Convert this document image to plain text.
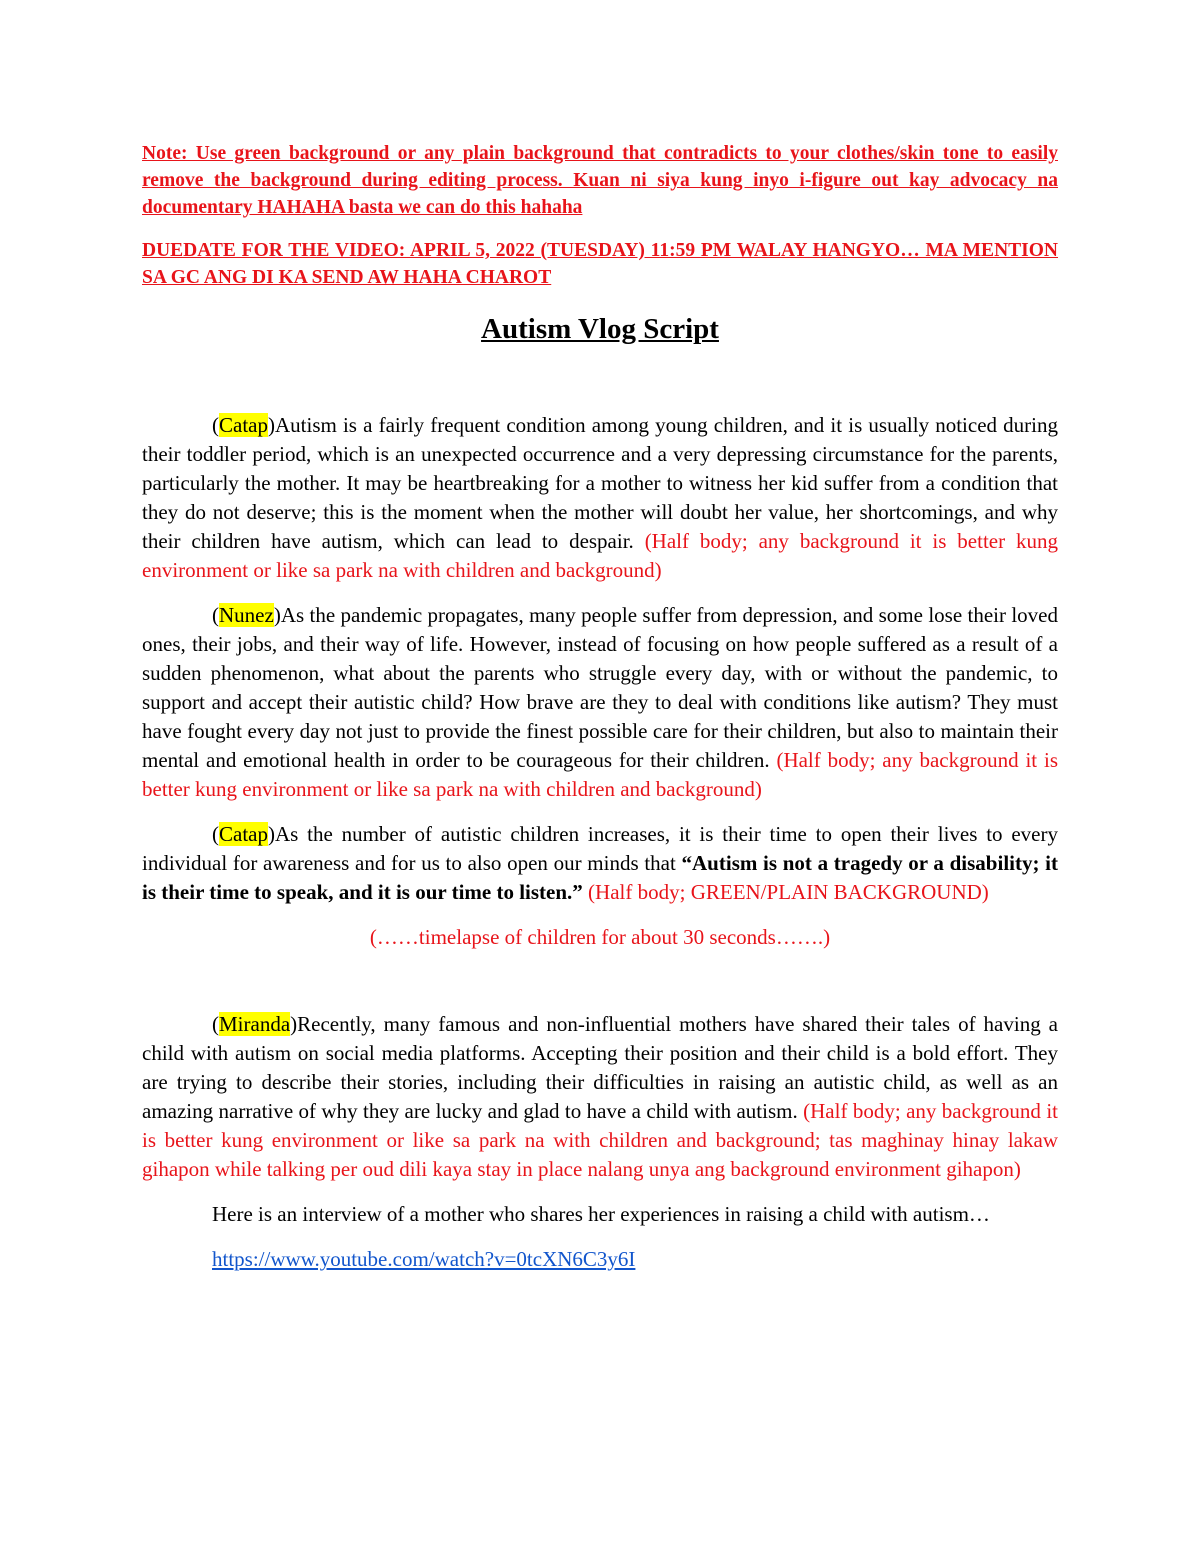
Note: Use green background or any plain background that contradicts to your clothes/skin tone to easily remove the background during editing process. Kuan ni siya kung inyo i-figure out kay advocacy na documentary HAHAHA basta we can do this hahaha

DUEDATE FOR THE VIDEO: APRIL 5, 2022 (TUESDAY) 11:59 PM WALAY HANGYO… MA MENTION SA GC ANG DI KA SEND AW HAHA CHAROT

Autism Vlog Script

(Catap)Autism is a fairly frequent condition among young children, and it is usually noticed during their toddler period, which is an unexpected occurrence and a very depressing circumstance for the parents, particularly the mother. It may be heartbreaking for a mother to witness her kid suffer from a condition that they do not deserve; this is the moment when the mother will doubt her value, her shortcomings, and why their children have autism, which can lead to despair. (Half body; any background it is better kung environment or like sa park na with children and background)

(Nunez)As the pandemic propagates, many people suffer from depression, and some lose their loved ones, their jobs, and their way of life. However, instead of focusing on how people suffered as a result of a sudden phenomenon, what about the parents who struggle every day, with or without the pandemic, to support and accept their autistic child? How brave are they to deal with conditions like autism? They must have fought every day not just to provide the finest possible care for their children, but also to maintain their mental and emotional health in order to be courageous for their children. (Half body; any background it is better kung environment or like sa park na with children and background)

(Catap)As the number of autistic children increases, it is their time to open their lives to every individual for awareness and for us to also open our minds that “Autism is not a tragedy or a disability; it is their time to speak, and it is our time to listen.” (Half body; GREEN/PLAIN BACKGROUND)

(……timelapse of children for about 30 seconds…….)

(Miranda)Recently, many famous and non-influential mothers have shared their tales of having a child with autism on social media platforms. Accepting their position and their child is a bold effort. They are trying to describe their stories, including their difficulties in raising an autistic child, as well as an amazing narrative of why they are lucky and glad to have a child with autism. (Half body; any background it is better kung environment or like sa park na with children and background; tas maghinay hinay lakaw gihapon while talking per oud dili kaya stay in place nalang unya ang background environment gihapon)

Here is an interview of a mother who shares her experiences in raising a child with autism…

https://www.youtube.com/watch?v=0tcXN6C3y6I
